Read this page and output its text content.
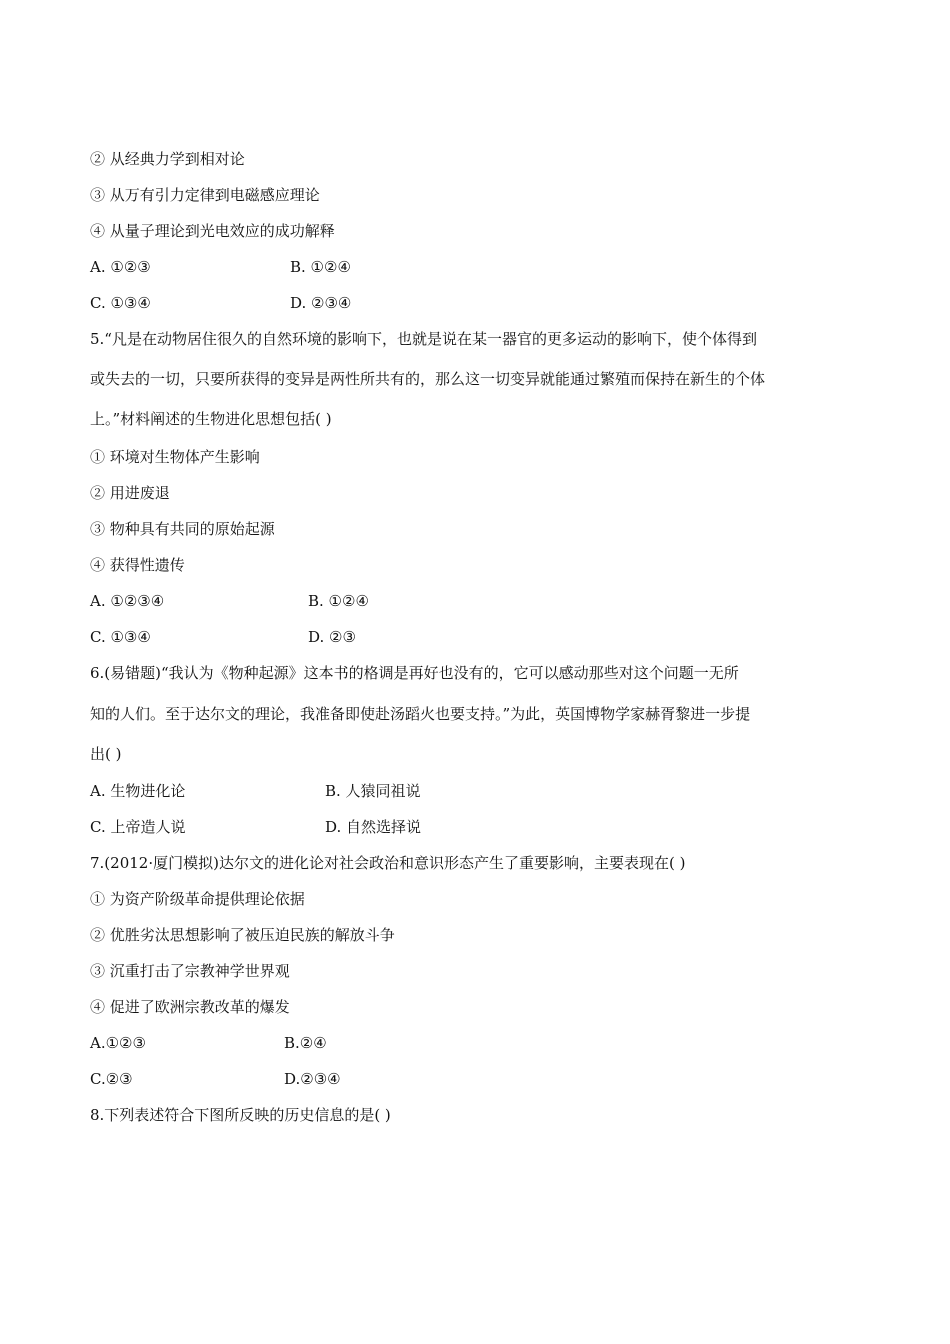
② 从经典力学到相对论
③ 从万有引力定律到电磁感应理论
④ 从量子理论到光电效应的成功解释
A. ①②③	B. ①②④
C. ①③④	D. ②③④
5.“凡是在动物居住很久的自然环境的影响下，也就是说在某一器官的更多运动的影响下，使个体得到
或失去的一切，只要所获得的变异是两性所共有的，那么这一切变异就能通过繁殖而保持在新生的个体
上。”材料阐述的生物进化思想包括( )
① 环境对生物体产生影响
② 用进废退
③ 物种具有共同的原始起源
④ 获得性遗传
A. ①②③④	B. ①②④
C. ①③④	D. ②③
6.(易错题)“我认为《物种起源》这本书的格调是再好也没有的，它可以感动那些对这个问题一无所
知的人们。至于达尔文的理论，我准备即使赴汤蹈火也要支持。”为此，英国博物学家赫胥黎进一步提
出( )
A. 生物进化论	B. 人猿同祖说
C. 上帝造人说	D. 自然选择说
7.(2012·厦门模拟)达尔文的进化论对社会政治和意识形态产生了重要影响，主要表现在( )
① 为资产阶级革命提供理论依据
② 优胜劣汰思想影响了被压迫民族的解放斗争
③ 沉重打击了宗教神学世界观
④ 促进了欧洲宗教改革的爆发
A.①②③	B.②④
C.②③	D.②③④
8.下列表述符合下图所反映的历史信息的是( )
